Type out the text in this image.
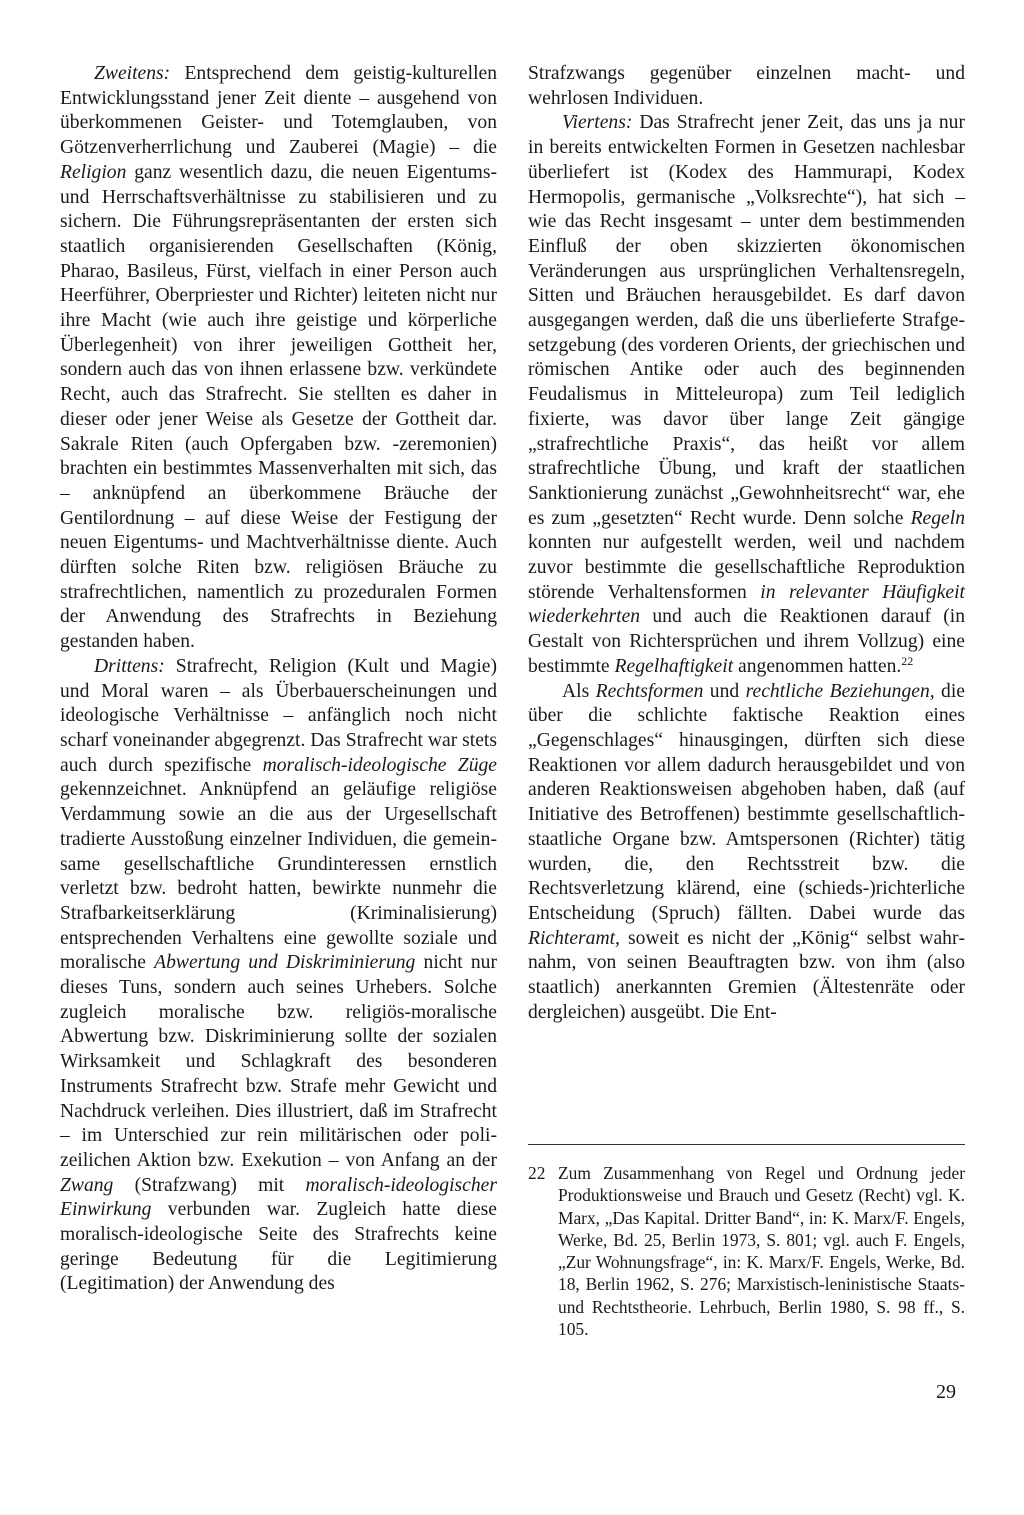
Zweitens: Entsprechend dem geistig-kulturellen Entwicklungsstand jener Zeit diente – ausgehend von überkommenen Geister- und Totemglauben, von Götzenverherrlichung und Zauberei (Magie) – die Religion ganz wesentlich dazu, die neuen Eigentums- und Herrschaftsverhältnisse zu stabilisieren und zu sichern. Die Führungsrepräsentanten der ersten sich staatlich organisierenden Gesellschaften (König, Pharao, Basileus, Fürst, vielfach in einer Person auch Heerführer, Oberpriester und Richter) leiteten nicht nur ihre Macht (wie auch ihre geistige und körperliche Überlegenheit) von ihrer jeweiligen Gottheit her, sondern auch das von ihnen erlassene bzw. verkündete Recht, auch das Strafrecht. Sie stellten es daher in dieser oder jener Weise als Gesetze der Gottheit dar. Sakrale Riten (auch Opfergaben bzw. -zeremonien) brachten ein bestimmtes Massenverhalten mit sich, das – anknüpfend an überkommene Bräuche der Gentilordnung – auf diese Weise der Festigung der neuen Eigentums- und Machtverhältnisse diente. Auch dürften solche Riten bzw. religiösen Bräuche zu strafrechtlichen, namentlich zu prozeduralen Formen der Anwendung des Strafrechts in Beziehung gestanden haben.

Drittens: Strafrecht, Religion (Kult und Magie) und Moral waren – als Überbauerscheinungen und ideologische Verhältnisse – anfänglich noch nicht scharf voneinander abgegrenzt. Das Strafrecht war stets auch durch spezifische moralisch-ideologische Züge gekennzeichnet. Anknüpfend an geläufige religiöse Verdammung sowie an die aus der Urgesellschaft tradierte Ausstoßung einzelner Individuen, die gemeinsame gesellschaftliche Grundinteressen ernstlich verletzt bzw. bedroht hatten, bewirkte nunmehr die Strafbarkeitserklärung (Kriminalisierung) entsprechenden Verhaltens eine gewollte soziale und moralische Abwertung und Diskriminierung nicht nur dieses Tuns, sondern auch seines Urhebers. Solche zugleich moralische bzw. religiös-moralische Abwertung bzw. Diskriminierung sollte der sozialen Wirksamkeit und Schlagkraft des besonderen Instruments Strafrecht bzw. Strafe mehr Gewicht und Nachdruck verleihen. Dies illustriert, daß im Strafrecht – im Unterschied zur rein militärischen oder polizeilichen Aktion bzw. Exekution – von Anfang an der Zwang (Strafzwang) mit moralisch-ideologischer Einwirkung verbunden war. Zugleich hatte diese moralisch-ideologische Seite des Strafrechts keine geringe Bedeutung für die Legitimierung (Legitimation) der Anwendung des

Strafzwangs gegenüber einzelnen macht- und wehrlosen Individuen.

Viertens: Das Strafrecht jener Zeit, das uns ja nur in bereits entwickelten Formen in Gesetzen nachlesbar überliefert ist (Kodex des Hammurapi, Kodex Hermopolis, germanische „Volksrechte“), hat sich – wie das Recht insgesamt – unter dem bestimmenden Einfluß der oben skizzierten ökonomischen Veränderungen aus ursprünglichen Verhaltensregeln, Sitten und Bräuchen herausgebildet. Es darf davon ausgegangen werden, daß die uns überlieferte Strafgesetzgebung (des vorderen Orients, der griechischen und römischen Antike oder auch des beginnenden Feudalismus in Mitteleuropa) zum Teil lediglich fixierte, was davor über lange Zeit gängige „strafrechtliche Praxis“, das heißt vor allem strafrechtliche Übung, und kraft der staatlichen Sanktionierung zunächst „Gewohnheitsrecht“ war, ehe es zum „gesetzten“ Recht wurde. Denn solche Regeln konnten nur aufgestellt werden, weil und nachdem zuvor bestimmte die gesellschaftliche Reproduktion störende Verhaltensformen in relevanter Häufigkeit wiederkehrten und auch die Reaktionen darauf (in Gestalt von Richtersprüchen und ihrem Vollzug) eine bestimmte Regelhaftigkeit angenommen hatten.$^{22}$

Als Rechtsformen und rechtliche Beziehungen, die über die schlichte faktische Reaktion eines „Gegenschlages“ hinausgingen, dürften sich diese Reaktionen vor allem dadurch herausgebildet und von anderen Reaktionsweisen abgehoben haben, daß (auf Initiative des Betroffenen) bestimmte gesellschaftlich-staatliche Organe bzw. Amtspersonen (Richter) tätig wurden, die, den Rechtsstreit bzw. die Rechtsverletzung klärend, eine (schieds-)richterliche Entscheidung (Spruch) fällten. Dabei wurde das Richteramt, soweit es nicht der „König“ selbst wahrnahm, von seinen Beauftragten bzw. von ihm (also staatlich) anerkannten Gremien (Ältestenräte oder dergleichen) ausgeübt. Die Ent-

22 Zum Zusammenhang von Regel und Ordnung jeder Produktionsweise und Brauch und Gesetz (Recht) vgl. K. Marx, „Das Kapital. Dritter Band“, in: K. Marx/F. Engels, Werke, Bd. 25, Berlin 1973, S. 801; vgl. auch F. Engels, „Zur Wohnungsfrage“, in: K. Marx/F. Engels, Werke, Bd. 18, Berlin 1962, S. 276; Marxistisch-leninistische Staats- und Rechtstheorie. Lehrbuch, Berlin 1980, S. 98 ff., S. 105.
29
